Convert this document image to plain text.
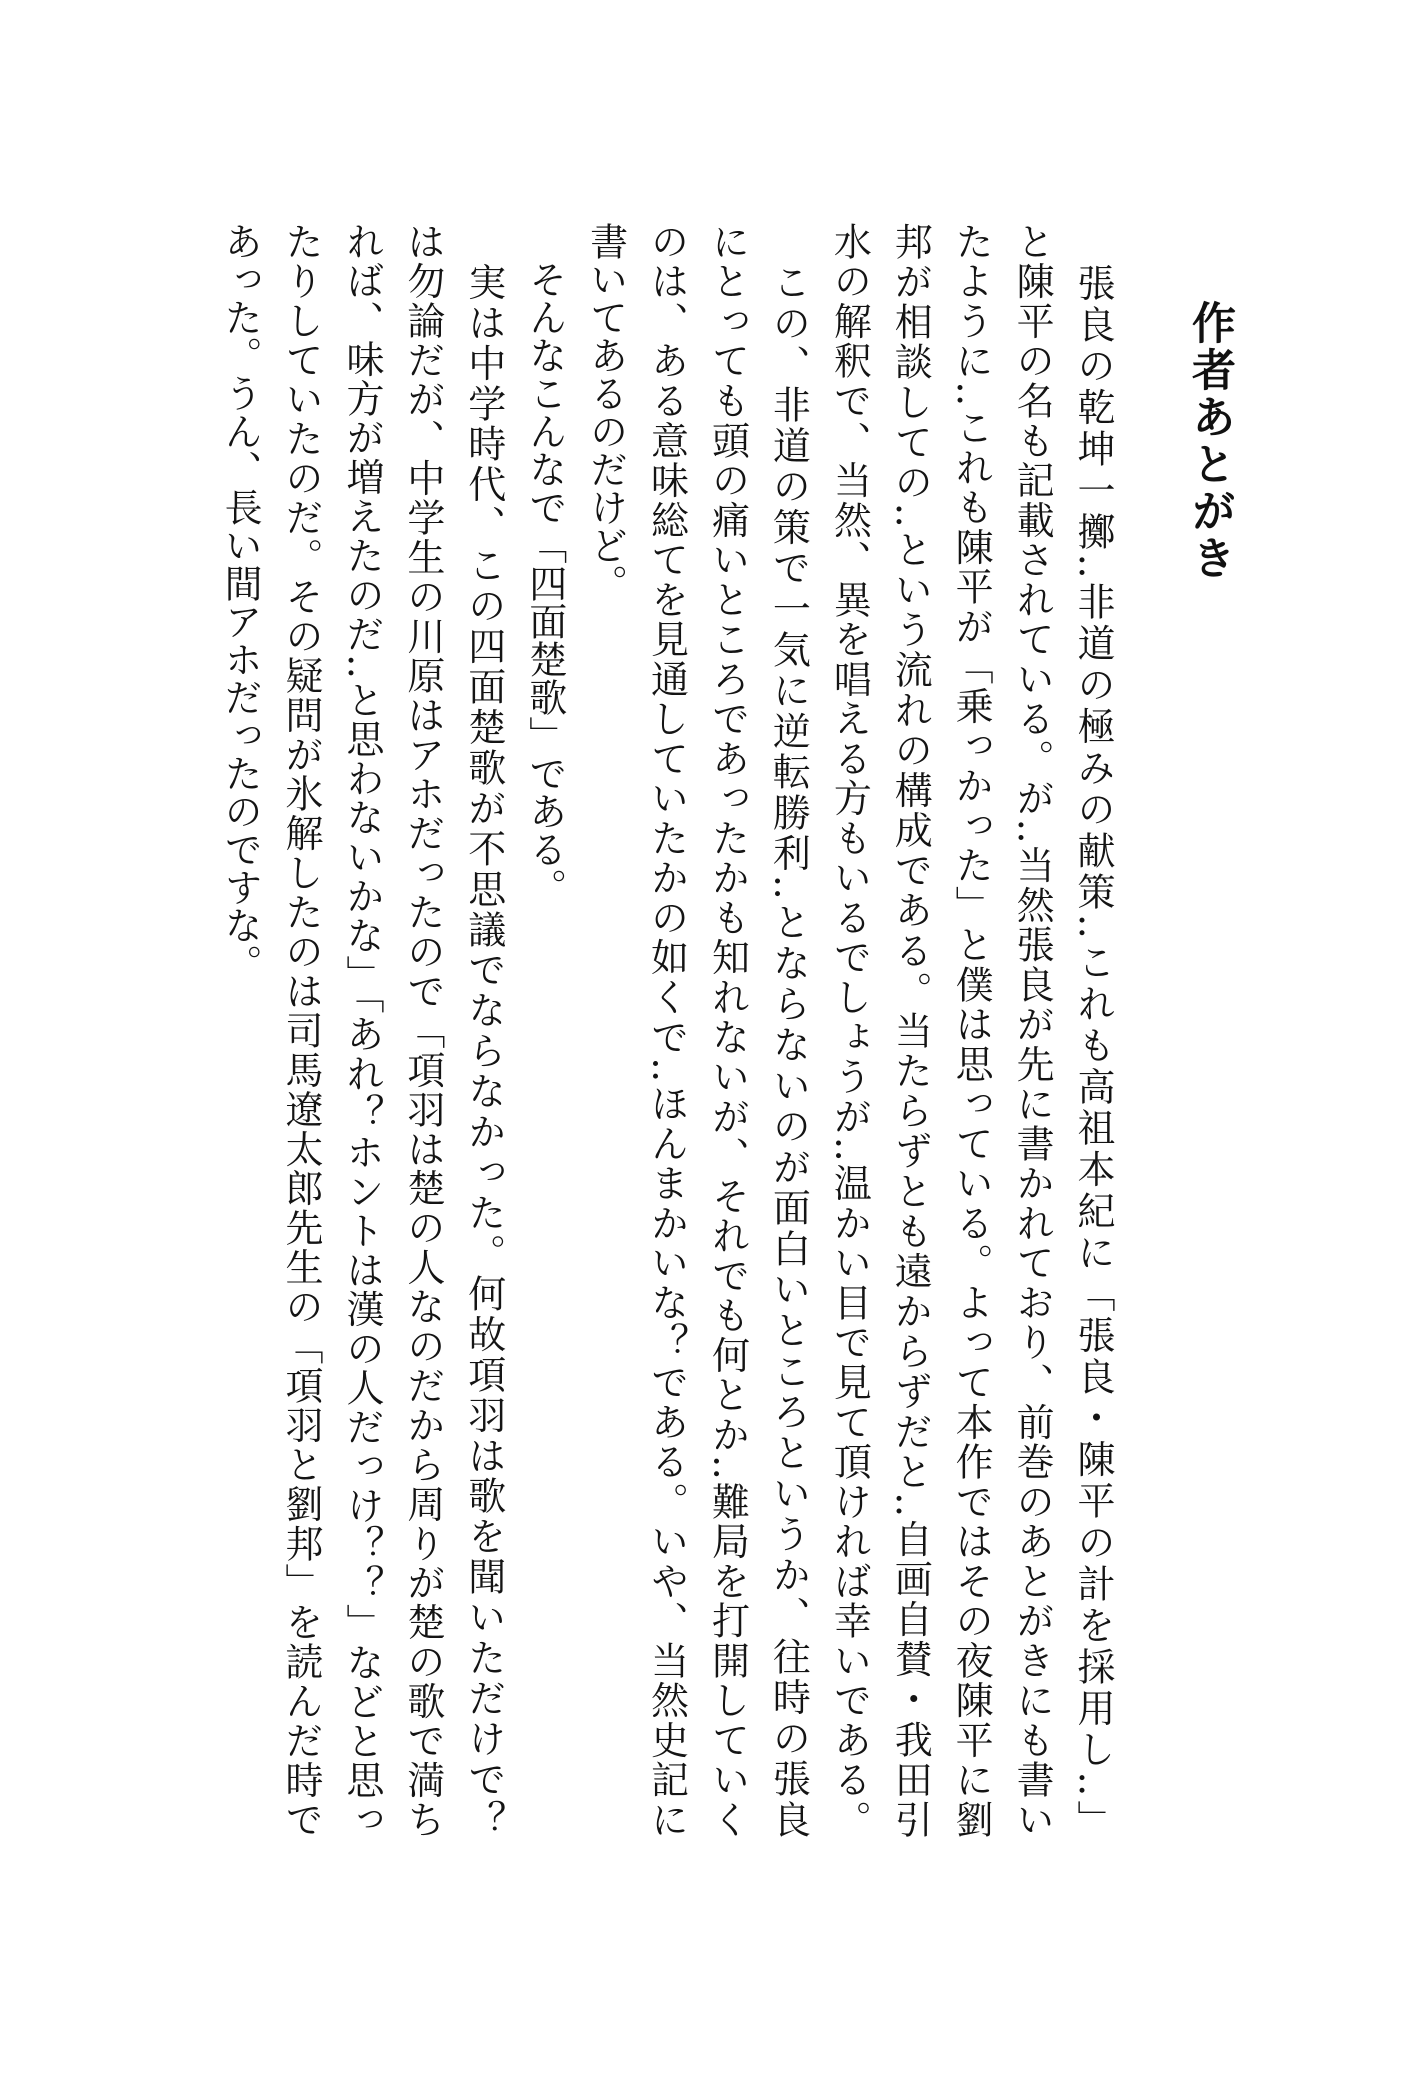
作者あとがき
　張良の乾坤一擲‥非道の極みの献策‥これも高祖本紀に「張良・陳平の計を採用し‥」
と陳平の名も記載されている。が‥当然張良が先に書かれており、前巻のあとがきにも書い
たように‥これも陳平が「乗っかった」と僕は思っている。よって本作ではその夜陳平に劉
邦が相談しての‥という流れの構成である。当たらずとも遠からずだと‥自画自賛・我田引
水の解釈で、当然、異を唱える方もいるでしょうが‥温かい目で見て頂ければ幸いである。
　この、非道の策で一気に逆転勝利‥とならないのが面白いところというか、往時の張良
にとっても頭の痛いところであったかも知れないが、それでも何とか‥難局を打開していく
のは、ある意味総てを見通していたかの如くで‥ほんまかいな？である。いや、当然史記に
書いてあるのだけど。
　そんなこんなで「四面楚歌」である。
　実は中学時代、この四面楚歌が不思議でならなかった。何故項羽は歌を聞いただけで？
は勿論だが、中学生の川原はアホだったので「項羽は楚の人なのだから周りが楚の歌で満ち
れば、味方が増えたのだ‥と思わないかな」「あれ？ホントは漢の人だっけ？？」などと思っ
たりしていたのだ。その疑問が氷解したのは司馬遼太郎先生の「項羽と劉邦」を読んだ時で
あった。うん、長い間アホだったのですな。
